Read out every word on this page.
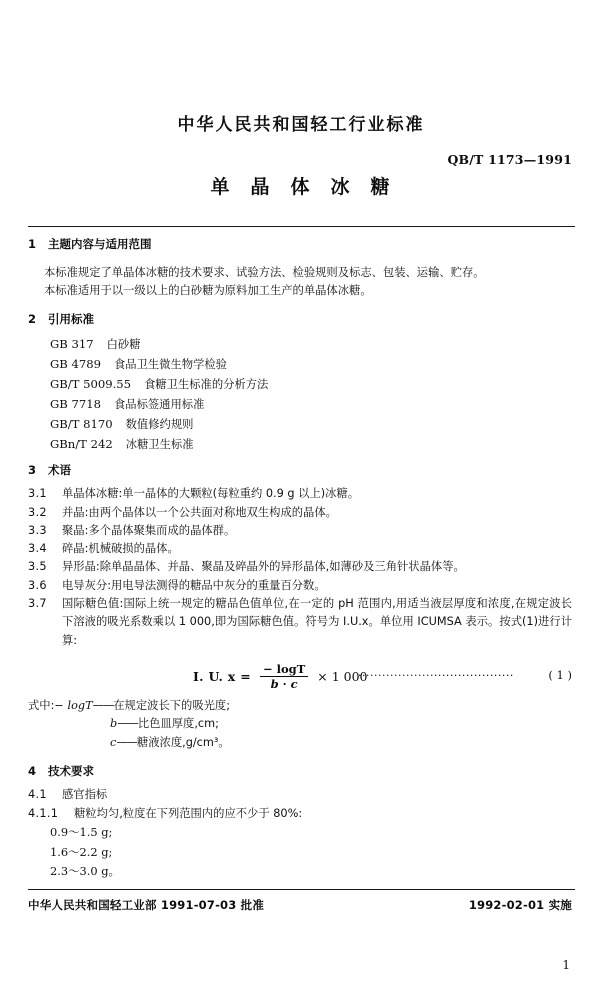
中华人民共和国轻工行业标准
QB/T 1173—1991
单晶体冰糖
1 主题内容与适用范围
本标准规定了单晶体冰糖的技术要求、试验方法、检验规则及标志、包装、运输、贮存。
本标准适用于以一级以上的白砂糖为原料加工生产的单晶体冰糖。
2 引用标准
GB 317 白砂糖
GB 4789 食品卫生微生物学检验
GB/T 5009.55 食糖卫生标准的分析方法
GB 7718 食品标签通用标准
GB/T 8170 数值修约规则
GBn/T 242 冰糖卫生标准
3 术语
3.1	单晶体冰糖:单一晶体的大颗粒(每粒重约 0.9 g 以上)冰糖。
3.2	并晶:由两个晶体以一个公共面对称地双生构成的晶体。
3.3	聚晶:多个晶体聚集而成的晶体群。
3.4	碎晶:机械破损的晶体。
3.5	异形晶:除单晶晶体、并晶、聚晶及碎晶外的异形晶体,如薄砂及三角针状晶体等。
3.6	电导灰分:用电导法测得的糖品中灰分的重量百分数。
3.7	国际糖色值:国际上统一规定的糖品色值单位,在一定的 pH 范围内,用适当液层厚度和浓度,在规定波长下溶液的吸光系数乘以 1 000,即为国际糖色值。符号为 I.U.x。单位用 ICUMSA 表示。按式(1)进行计算:
I. U. $x = \frac{- \log T}{b \cdot c} \times 1$ 000
·······································	( 1 )
式中:− logT——在规定波长下的吸光度;
b——比色皿厚度,cm;
c——糖液浓度,g/cm³。
4 技术要求
4.1	感官指标
4.1.1	糖粒均匀,粒度在下列范围内的应不少于 80%:
0.9～1.5 g;
1.6～2.2 g;
2.3～3.0 g。
中华人民共和国轻工业部 1991-07-03 批准	1992-02-01 实施
1
